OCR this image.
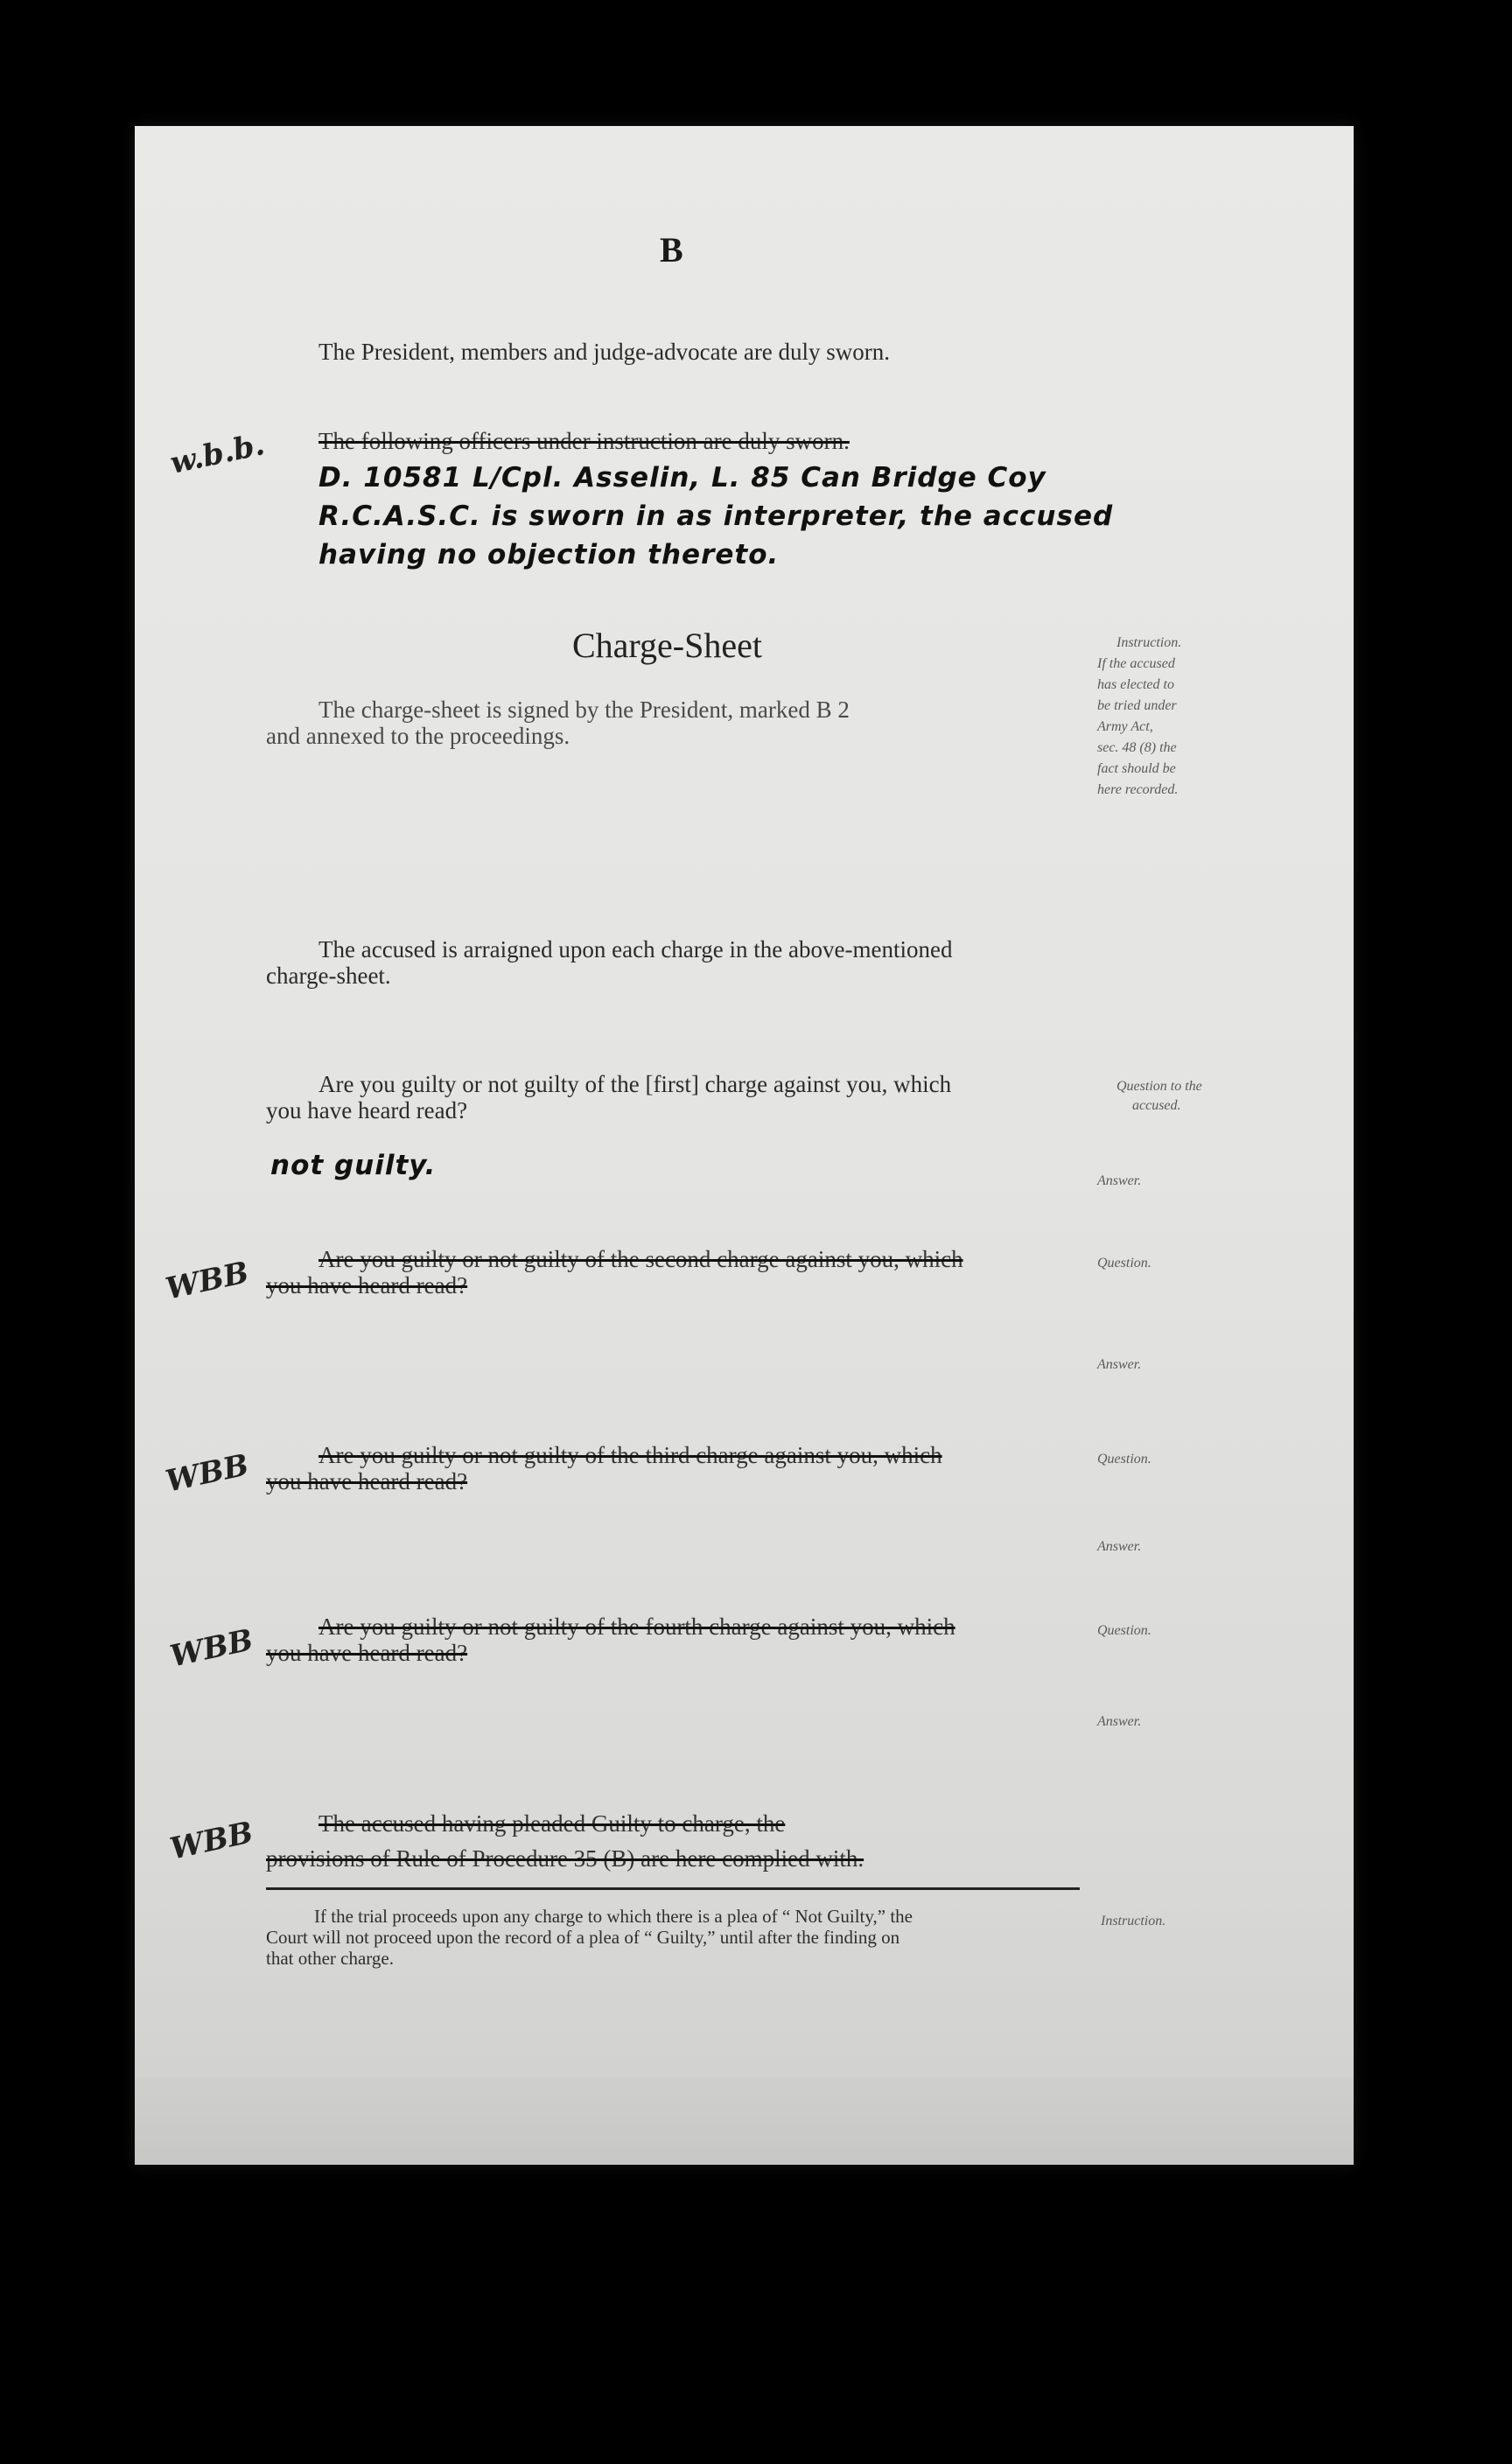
B
The President, members and judge-advocate are duly sworn.
w.b.b. The following officers under instruction are duly sworn.
D. 10581 L/Cpl. Asselin, L. 85 Can Bridge Coy
R.C.A.S.C. is sworn in as interpreter, the accused
having no objection thereto.
Charge-Sheet
The charge-sheet is signed by the President, marked B 2
and annexed to the proceedings.
Instruction.
If the accused
has elected to
be tried under
Army Act,
sec. 48 (8) the
fact should be
here recorded.
The accused is arraigned upon each charge in the above-mentioned
charge-sheet.
Are you guilty or not guilty of the [first] charge against you, which
you have heard read?
Question to the
accused.
not guilty.	Answer.
WBB	Are you guilty or not guilty of the second charge against you, which
you have heard read?
Question.
Answer.
WBB	Are you guilty or not guilty of the third charge against you, which
you have heard read?
Question.
Answer.
WBB	Are you guilty or not guilty of the fourth charge against you, which
you have heard read?
Question.
Answer.
WBB	The accused having pleaded Guilty to charge, the
provisions of Rule of Procedure 35 (B) are here complied with.
If the trial proceeds upon any charge to which there is a plea of “ Not Guilty,” the
Court will not proceed upon the record of a plea of “ Guilty,” until after the finding on
that other charge.
Instruction.
